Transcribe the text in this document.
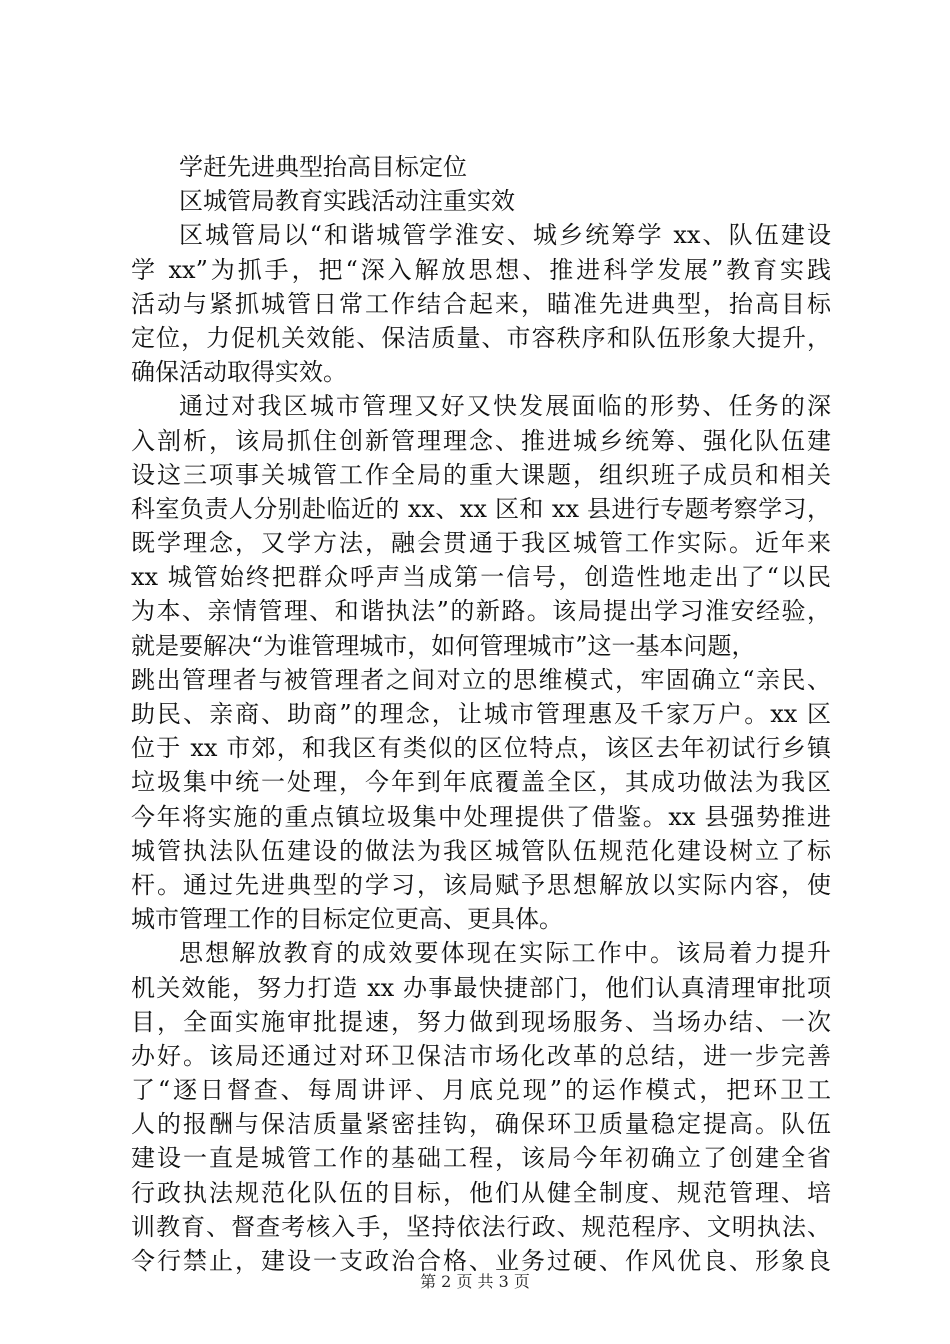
学赶先进典型抬高目标定位
区城管局教育实践活动注重实效
区城管局以“和谐城管学淮安、城乡统筹学 xx、队伍建设
学 xx”为抓手，把“深入解放思想、推进科学发展”教育实践
活动与紧抓城管日常工作结合起来，瞄准先进典型，抬高目标
定位，力促机关效能、保洁质量、市容秩序和队伍形象大提升，
确保活动取得实效。
通过对我区城市管理又好又快发展面临的形势、任务的深
入剖析，该局抓住创新管理理念、推进城乡统筹、强化队伍建
设这三项事关城管工作全局的重大课题，组织班子成员和相关
科室负责人分别赴临近的 xx、xx 区和 xx 县进行专题考察学习，
既学理念，又学方法，融会贯通于我区城管工作实际。近年来
xx 城管始终把群众呼声当成第一信号，创造性地走出了“以民
为本、亲情管理、和谐执法”的新路。该局提出学习淮安经验，
就是要解决“为谁管理城市，如何管理城市”这一基本问题，
跳出管理者与被管理者之间对立的思维模式，牢固确立“亲民、
助民、亲商、助商”的理念，让城市管理惠及千家万户。xx 区
位于 xx 市郊，和我区有类似的区位特点，该区去年初试行乡镇
垃圾集中统一处理，今年到年底覆盖全区，其成功做法为我区
今年将实施的重点镇垃圾集中处理提供了借鉴。xx 县强势推进
城管执法队伍建设的做法为我区城管队伍规范化建设树立了标
杆。通过先进典型的学习，该局赋予思想解放以实际内容，使
城市管理工作的目标定位更高、更具体。
思想解放教育的成效要体现在实际工作中。该局着力提升
机关效能，努力打造 xx 办事最快捷部门，他们认真清理审批项
目，全面实施审批提速，努力做到现场服务、当场办结、一次
办好。该局还通过对环卫保洁市场化改革的总结，进一步完善
了“逐日督查、每周讲评、月底兑现”的运作模式，把环卫工
人的报酬与保洁质量紧密挂钩，确保环卫质量稳定提高。队伍
建设一直是城管工作的基础工程，该局今年初确立了创建全省
行政执法规范化队伍的目标，他们从健全制度、规范管理、培
训教育、督查考核入手，坚持依法行政、规范程序、文明执法、
令行禁止，建设一支政治合格、业务过硬、作风优良、形象良
第 2 页 共 3 页
